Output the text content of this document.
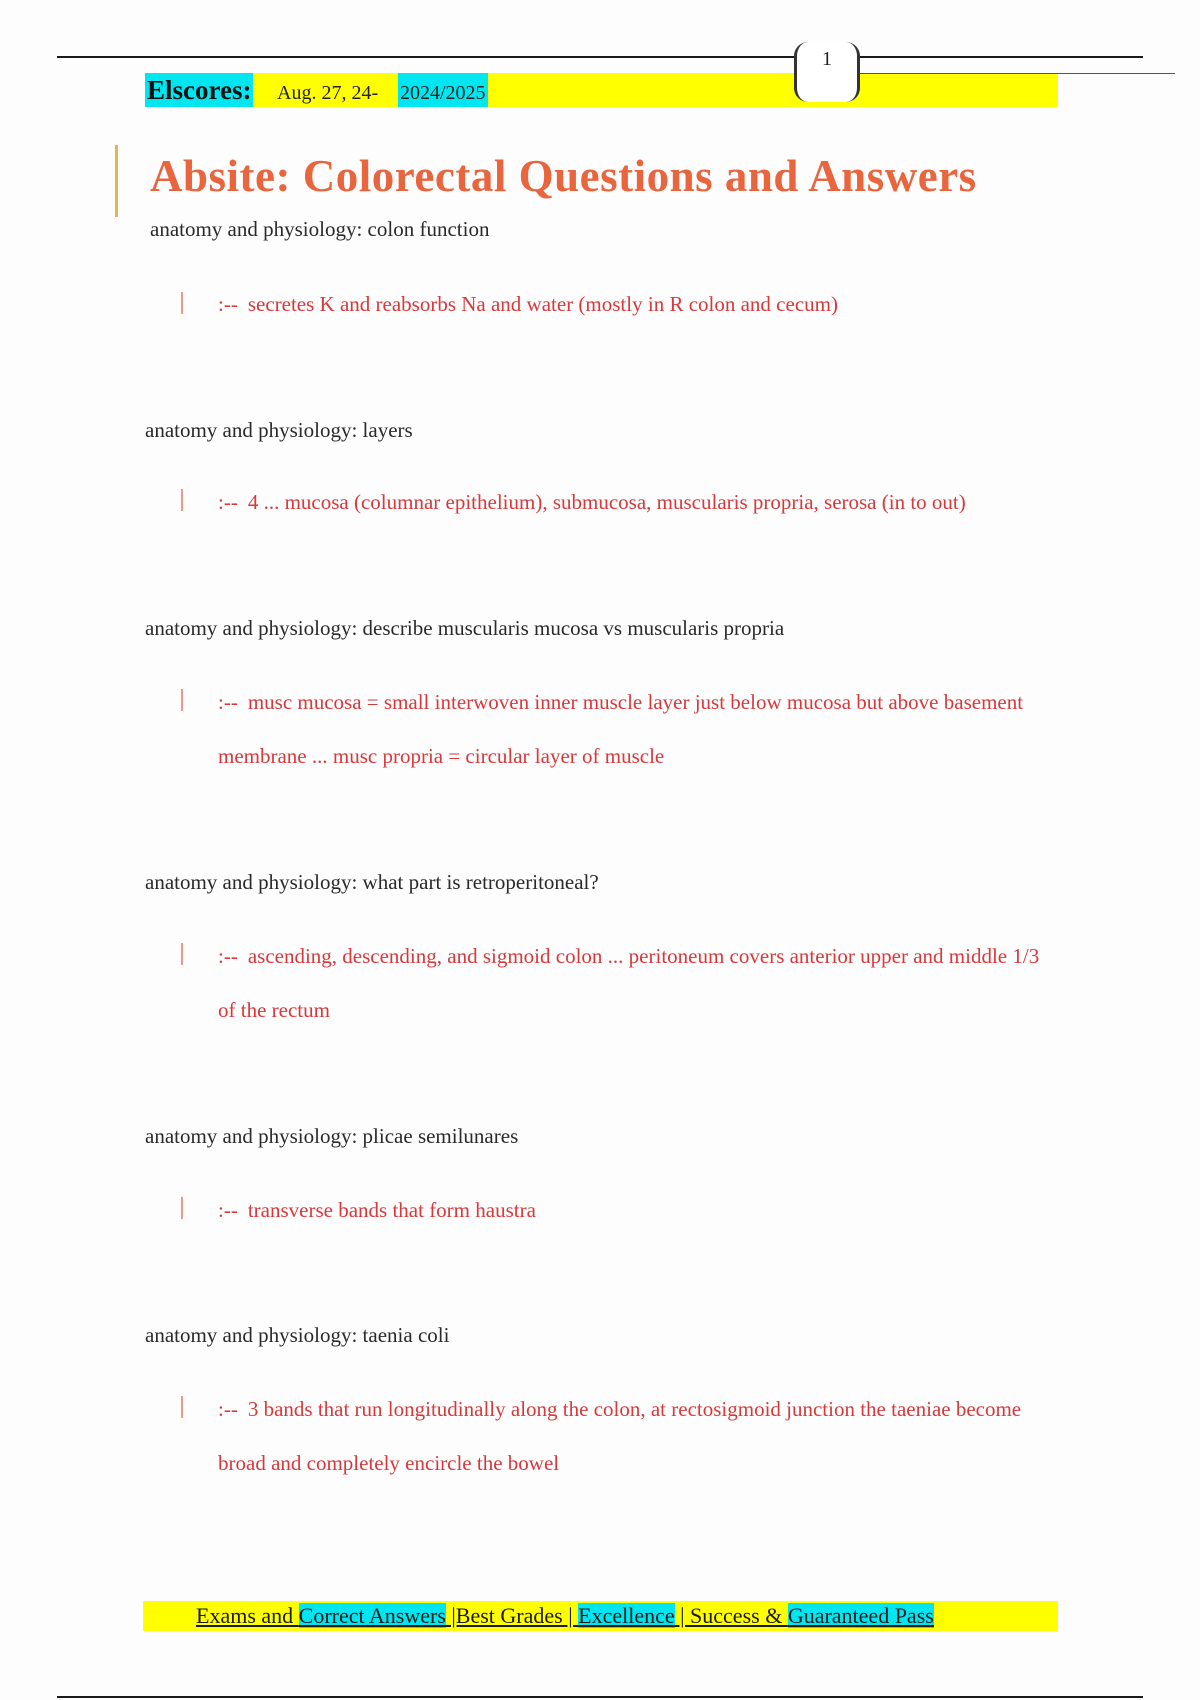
Elscores: Aug. 27, 24- 2024/2025
1
Absite: Colorectal Questions and Answers
anatomy and physiology: colon function
:-- secretes K and reabsorbs Na and water (mostly in R colon and cecum)
anatomy and physiology: layers
:-- 4 ... mucosa (columnar epithelium), submucosa, muscularis propria, serosa (in to out)
anatomy and physiology: describe muscularis mucosa vs muscularis propria
:-- musc mucosa = small interwoven inner muscle layer just below mucosa but above basement membrane ... musc propria = circular layer of muscle
anatomy and physiology: what part is retroperitoneal?
:-- ascending, descending, and sigmoid colon ... peritoneum covers anterior upper and middle 1/3 of the rectum
anatomy and physiology: plicae semilunares
:-- transverse bands that form haustra
anatomy and physiology: taenia coli
:-- 3 bands that run longitudinally along the colon, at rectosigmoid junction the taeniae become broad and completely encircle the bowel
Exams and Correct Answers |Best Grades | Excellence | Success & Guaranteed Pass
